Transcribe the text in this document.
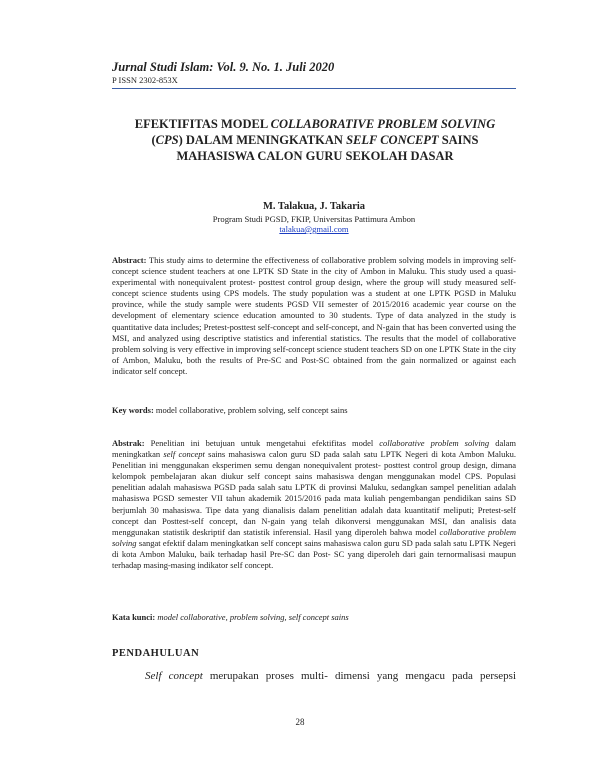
Jurnal Studi Islam: Vol. 9. No. 1. Juli 2020
P ISSN 2302-853X
EFEKTIFITAS MODEL COLLABORATIVE PROBLEM SOLVING (CPS) DALAM MENINGKATKAN SELF CONCEPT SAINS MAHASISWA CALON GURU SEKOLAH DASAR
M. Talakua, J. Takaria
Program Studi PGSD, FKIP, Universitas Pattimura Ambon
talakua@gmail.com
Abstract: This study aims to determine the effectiveness of collaborative problem solving models in improving self-concept science student teachers at one LPTK SD State in the city of Ambon in Maluku. This study used a quasi-experimental with nonequivalent protest- posttest control group design, where the group will study measured self-concept science students using CPS models. The study population was a student at one LPTK PGSD in Maluku province, while the study sample were students PGSD VII semester of 2015/2016 academic year course on the development of elementary science education amounted to 30 students. Type of data analyzed in the study is quantitative data includes; Pretest-posttest self-concept and self-concept, and N-gain that has been converted using the MSI, and analyzed using descriptive statistics and inferential statistics. The results that the model of collaborative problem solving is very effective in improving self-concept science student teachers SD on one LPTK State in the city of Ambon, Maluku, both the results of Pre-SC and Post-SC obtained from the gain normalized or against each indicator self concept.
Key words: model collaborative, problem solving, self concept sains
Abstrak: Penelitian ini betujuan untuk mengetahui efektifitas model collaborative problem solving dalam meningkatkan self concept sains mahasiswa calon guru SD pada salah satu LPTK Negeri di kota Ambon Maluku. Penelitian ini menggunakan eksperimen semu dengan nonequivalent protest- posttest control group design, dimana kelompok pembelajaran akan diukur self concept sains mahasiswa dengan menggunakan model CPS. Populasi penelitian adalah mahasiswa PGSD pada salah satu LPTK di provinsi Maluku, sedangkan sampel penelitian adalah mahasiswa PGSD semester VII tahun akademik 2015/2016 pada mata kuliah pengembangan pendidikan sains SD berjumlah 30 mahasiswa. Tipe data yang dianalisis dalam penelitian adalah data kuantitatif meliputi; Pretest-self concept dan Posttest-self concept, dan N-gain yang telah dikonversi menggunakan MSI, dan analisis data menggunakan statistik deskriptif dan statistik inferensial. Hasil yang diperoleh bahwa model collaborative problem solving sangat efektif dalam meningkatkan self concept sains mahasiswa calon guru SD pada salah satu LPTK Negeri di kota Ambon Maluku, baik terhadap hasil Pre-SC dan Post- SC yang diperoleh dari gain ternormalisasi maupun terhadap masing-masing indikator self concept.
Kata kunci: model collaborative, problem solving, self concept sains
PENDAHULUAN
Self concept merupakan proses multi- dimensi yang mengacu pada persepsi
28
